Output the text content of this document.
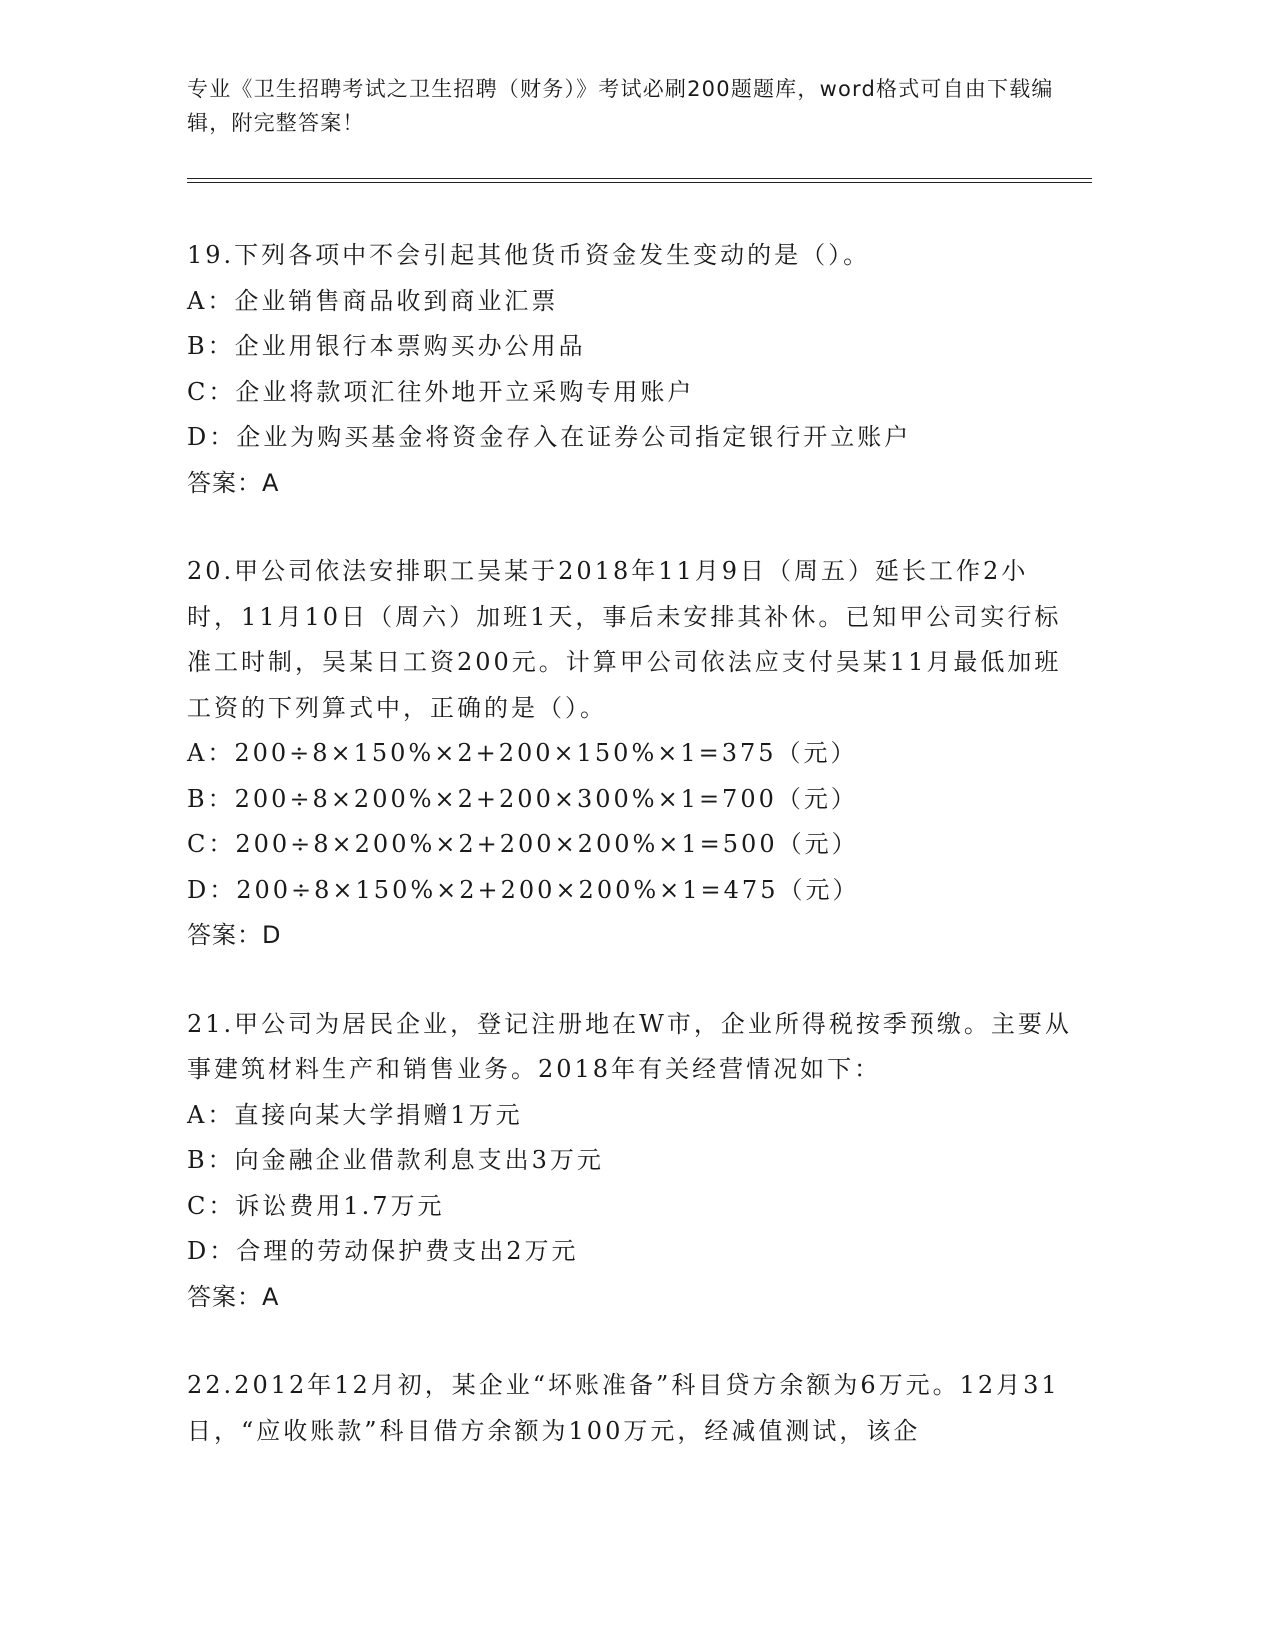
专业《卫生招聘考试之卫生招聘（财务）》考试必刷200题题库，word格式可自由下载编辑，附完整答案！
19.下列各项中不会引起其他货币资金发生变动的是（）。
A：企业销售商品收到商业汇票
B：企业用银行本票购买办公用品
C：企业将款项汇往外地开立采购专用账户
D：企业为购买基金将资金存入在证券公司指定银行开立账户
答案：A
20.甲公司依法安排职工吴某于2018年11月9日（周五）延长工作2小时，11月10日（周六）加班1天，事后未安排其补休。已知甲公司实行标准工时制，吴某日工资200元。计算甲公司依法应支付吴某11月最低加班工资的下列算式中，正确的是（）。
A：200÷8×150%×2+200×150%×1=375（元）
B：200÷8×200%×2+200×300%×1=700（元）
C：200÷8×200%×2+200×200%×1=500（元）
D：200÷8×150%×2+200×200%×1=475（元）
答案：D
21.甲公司为居民企业，登记注册地在W市，企业所得税按季预缴。主要从事建筑材料生产和销售业务。2018年有关经营情况如下：
A：直接向某大学捐赠1万元
B：向金融企业借款利息支出3万元
C：诉讼费用1.7万元
D：合理的劳动保护费支出2万元
答案：A
22.2012年12月初，某企业“坏账准备”科目贷方余额为6万元。12月31日，“应收账款”科目借方余额为100万元，经减值测试，该企
